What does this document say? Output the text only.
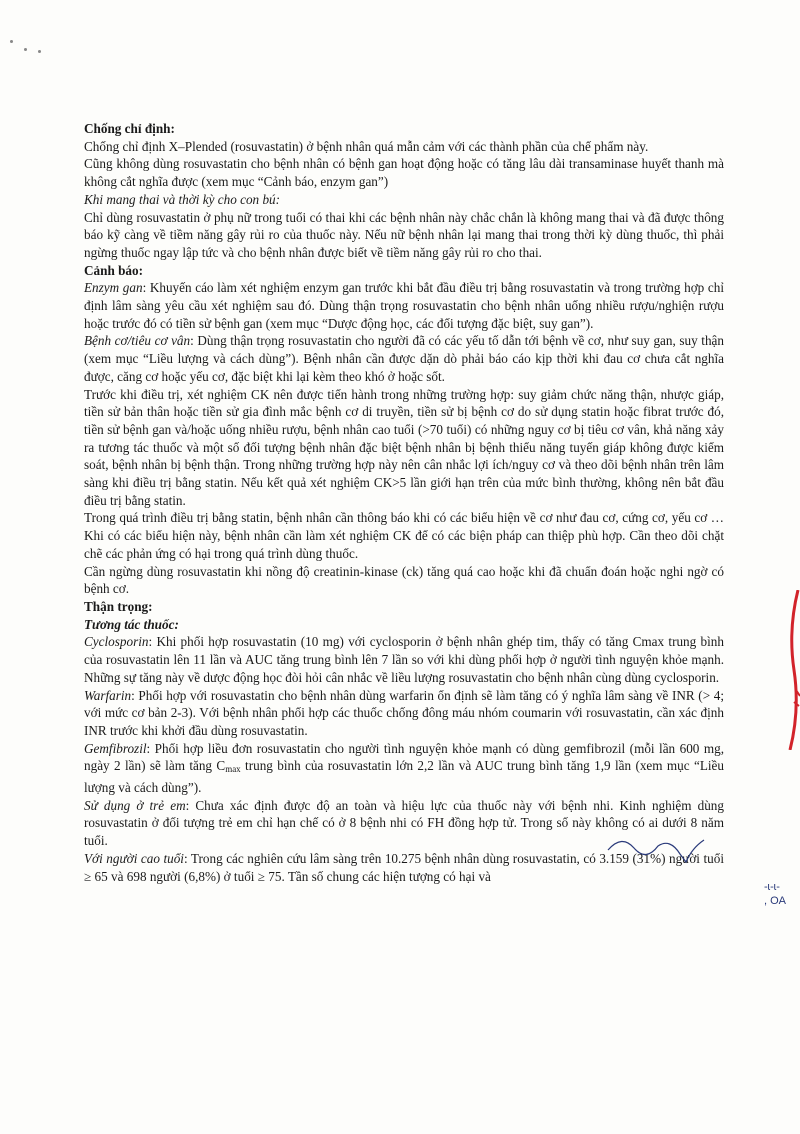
Chống chỉ định:

Chống chỉ định X–Plended (rosuvastatin) ở bệnh nhân quá mẫn cảm với các thành phần của chế phẩm này.

Cũng không dùng rosuvastatin cho bệnh nhân có bệnh gan hoạt động hoặc có tăng lâu dài transaminase huyết thanh mà không cắt nghĩa được (xem mục “Cảnh báo, enzym gan”)

Khi mang thai và thời kỳ cho con bú:

Chỉ dùng rosuvastatin ở phụ nữ trong tuổi có thai khi các bệnh nhân này chắc chắn là không mang thai và đã được thông báo kỹ càng về tiềm năng gây rủi ro của thuốc này. Nếu nữ bệnh nhân lại mang thai trong thời kỳ dùng thuốc, thì phải ngừng thuốc ngay lập tức và cho bệnh nhân được biết về tiềm năng gây rủi ro cho thai.

Cảnh báo:

Enzym gan: Khuyến cáo làm xét nghiệm enzym gan trước khi bắt đầu điều trị bằng rosuvastatin và trong trường hợp chỉ định lâm sàng yêu cầu xét nghiệm sau đó. Dùng thận trọng rosuvastatin cho bệnh nhân uống nhiều rượu/nghiện rượu hoặc trước đó có tiền sử bệnh gan (xem mục “Dược động học, các đối tượng đặc biệt, suy gan”).

Bệnh cơ/tiêu cơ vân: Dùng thận trọng rosuvastatin cho người đã có các yếu tố dẫn tới bệnh về cơ, như suy gan, suy thận (xem mục “Liều lượng và cách dùng”). Bệnh nhân cần được dặn dò phải báo cáo kịp thời khi đau cơ chưa cắt nghĩa được, căng cơ hoặc yếu cơ, đặc biệt khi lại kèm theo khó ở hoặc sốt.

Trước khi điều trị, xét nghiệm CK nên được tiến hành trong những trường hợp: suy giảm chức năng thận, nhược giáp, tiền sử bản thân hoặc tiền sử gia đình mắc bệnh cơ di truyền, tiền sử bị bệnh cơ do sử dụng statin hoặc fibrat trước đó, tiền sử bệnh gan và/hoặc uống nhiều rượu, bệnh nhân cao tuổi (>70 tuổi) có những nguy cơ bị tiêu cơ vân, khả năng xảy ra tương tác thuốc và một số đối tượng bệnh nhân đặc biệt bệnh nhân bị bệnh thiểu năng tuyến giáp không được kiểm soát, bệnh nhân bị bệnh thận. Trong những trường hợp này nên cân nhắc lợi ích/nguy cơ và theo dõi bệnh nhân trên lâm sàng khi điều trị bằng statin. Nếu kết quả xét nghiệm CK>5 lần giới hạn trên của mức bình thường, không nên bắt đầu điều trị bằng statin.

Trong quá trình điều trị bằng statin, bệnh nhân cần thông báo khi có các biểu hiện về cơ như đau cơ, cứng cơ, yếu cơ … Khi có các biểu hiện này, bệnh nhân cần làm xét nghiệm CK để có các biện pháp can thiệp phù hợp. Cần theo dõi chặt chẽ các phản ứng có hại trong quá trình dùng thuốc.

Cần ngừng dùng rosuvastatin khi nồng độ creatinin-kinase (ck) tăng quá cao hoặc khi đã chuẩn đoán hoặc nghi ngờ có bệnh cơ.

Thận trọng:

Tương tác thuốc:

Cyclosporin: Khi phối hợp rosuvastatin (10 mg) với cyclosporin ở bệnh nhân ghép tim, thấy có tăng Cmax trung bình của rosuvastatin lên 11 lần và AUC tăng trung bình lên 7 lần so với khi dùng phối hợp ở người tình nguyện khỏe mạnh. Những sự tăng này về dược động học đòi hỏi cân nhắc về liều lượng rosuvastatin cho bệnh nhân cùng dùng cyclosporin.

Warfarin: Phối hợp với rosuvastatin cho bệnh nhân dùng warfarin ổn định sẽ làm tăng có ý nghĩa lâm sàng về INR (> 4; với mức cơ bản 2-3). Với bệnh nhân phối hợp các thuốc chống đông máu nhóm coumarin với rosuvastatin, cần xác định INR trước khi khởi đầu dùng rosuvastatin.

Gemfibrozil: Phối hợp liều đơn rosuvastatin cho người tình nguyện khỏe mạnh có dùng gemfibrozil (mỗi lần 600 mg, ngày 2 lần) sẽ làm tăng $C_{max}$ trung bình của rosuvastatin lớn 2,2 lần và AUC trung bình tăng 1,9 lần (xem mục “Liều lượng và cách dùng”).

Sử dụng ở trẻ em: Chưa xác định được độ an toàn và hiệu lực của thuốc này với bệnh nhi. Kinh nghiệm dùng rosuvastatin ở đối tượng trẻ em chỉ hạn chế có ở 8 bệnh nhi có FH đồng hợp tử. Trong số này không có ai dưới 8 năm tuổi.

Với người cao tuổi: Trong các nghiên cứu lâm sàng trên 10.275 bệnh nhân dùng rosuvastatin, có 3.159 (31%) người tuổi ≥ 65 và 698 người (6,8%) ở tuổi ≥ 75. Tần số chung các hiện tượng có hại và

-ɩ-ɩ-
, OA
